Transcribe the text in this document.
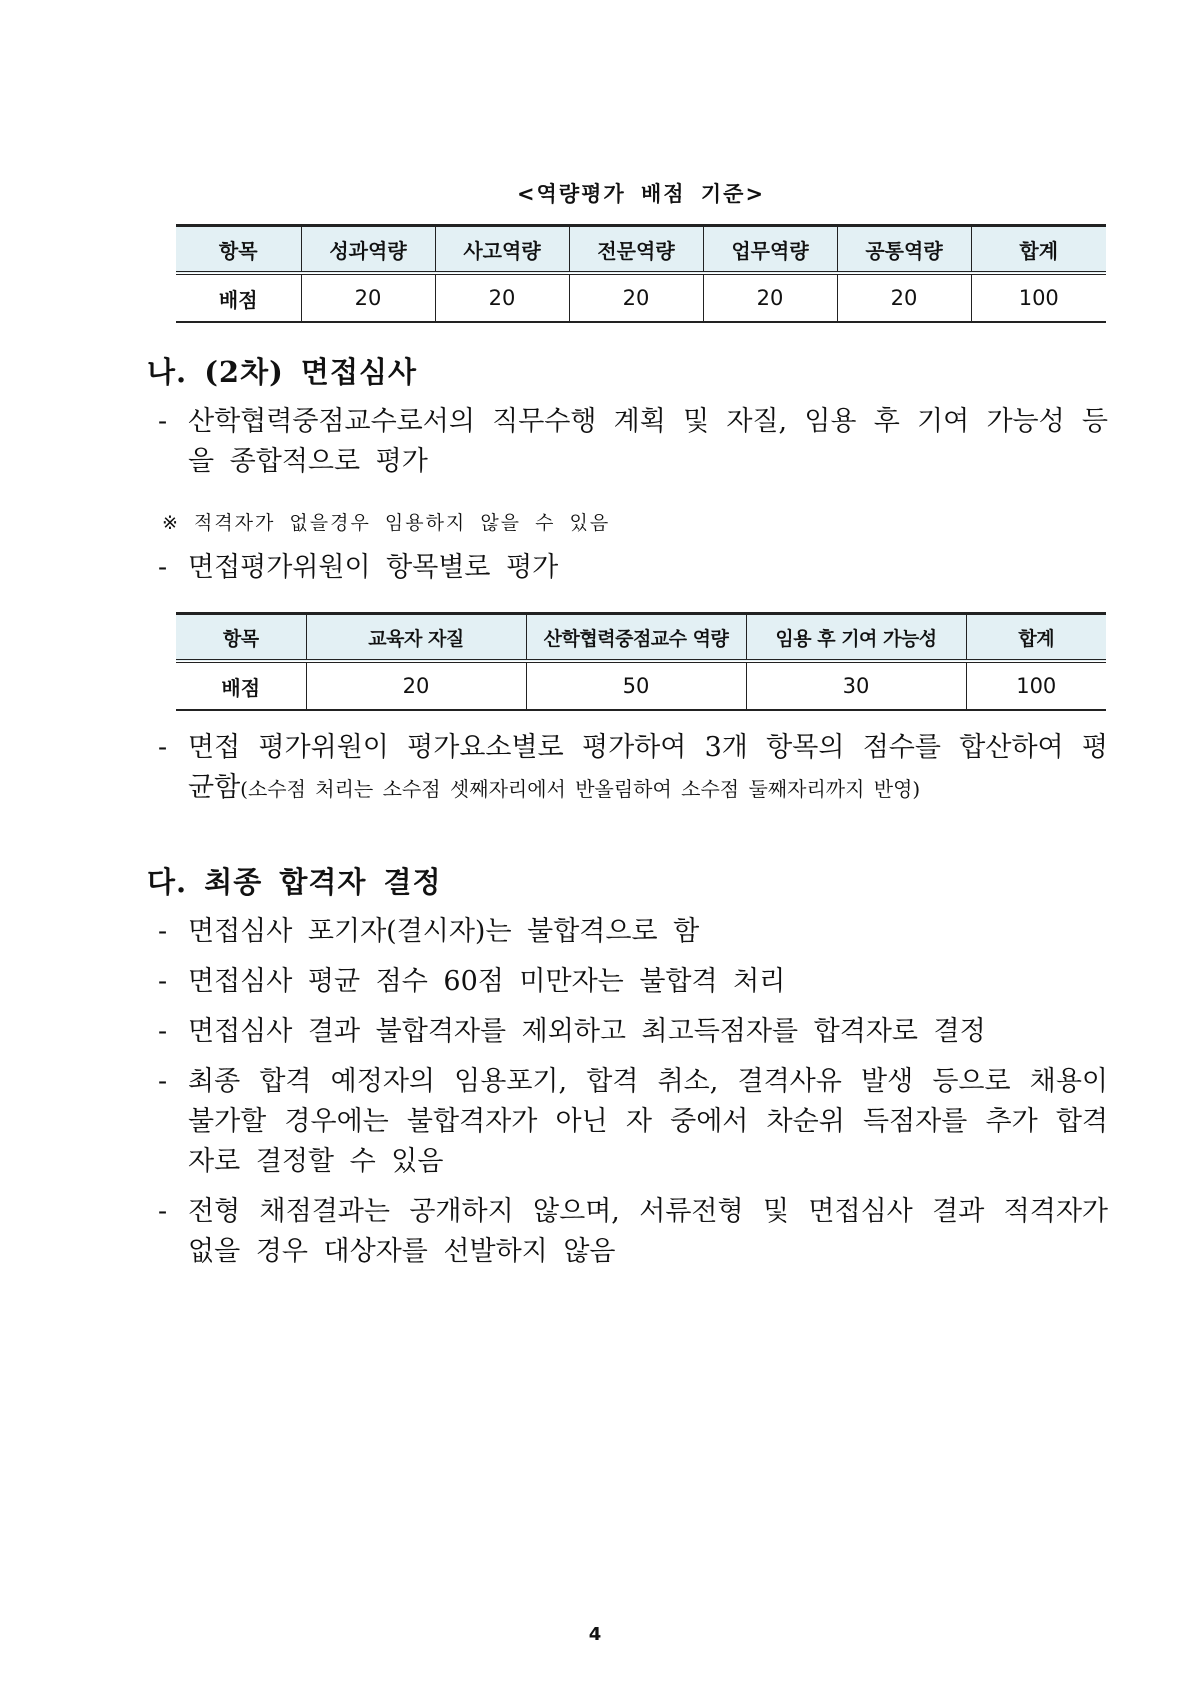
<역량평가 배점 기준>
항목	성과역량	사고역량	전문역량	업무역량	공통역량	합계
배점	20	20	20	20	20	100
나. (2차) 면접심사
- 산학협력중점교수로서의 직무수행 계획 및 자질, 임용 후 기여 가능성 등을 종합적으로 평가
※ 적격자가 없을경우 임용하지 않을 수 있음
- 면접평가위원이 항목별로 평가
항목	교육자 자질	산학협력중점교수 역량	임용 후 기여 가능성	합계
배점	20	50	30	100
- 면접 평가위원이 평가요소별로 평가하여 3개 항목의 점수를 합산하여 평균함(소수점 처리는 소수점 셋째자리에서 반올림하여 소수점 둘째자리까지 반영)
다. 최종 합격자 결정
- 면접심사 포기자(결시자)는 불합격으로 함
- 면접심사 평균 점수 60점 미만자는 불합격 처리
- 면접심사 결과 불합격자를 제외하고 최고득점자를 합격자로 결정
- 최종 합격 예정자의 임용포기, 합격 취소, 결격사유 발생 등으로 채용이 불가할 경우에는 불합격자가 아닌 자 중에서 차순위 득점자를 추가 합격자로 결정할 수 있음
- 전형 채점결과는 공개하지 않으며, 서류전형 및 면접심사 결과 적격자가 없을 경우 대상자를 선발하지 않음
4
